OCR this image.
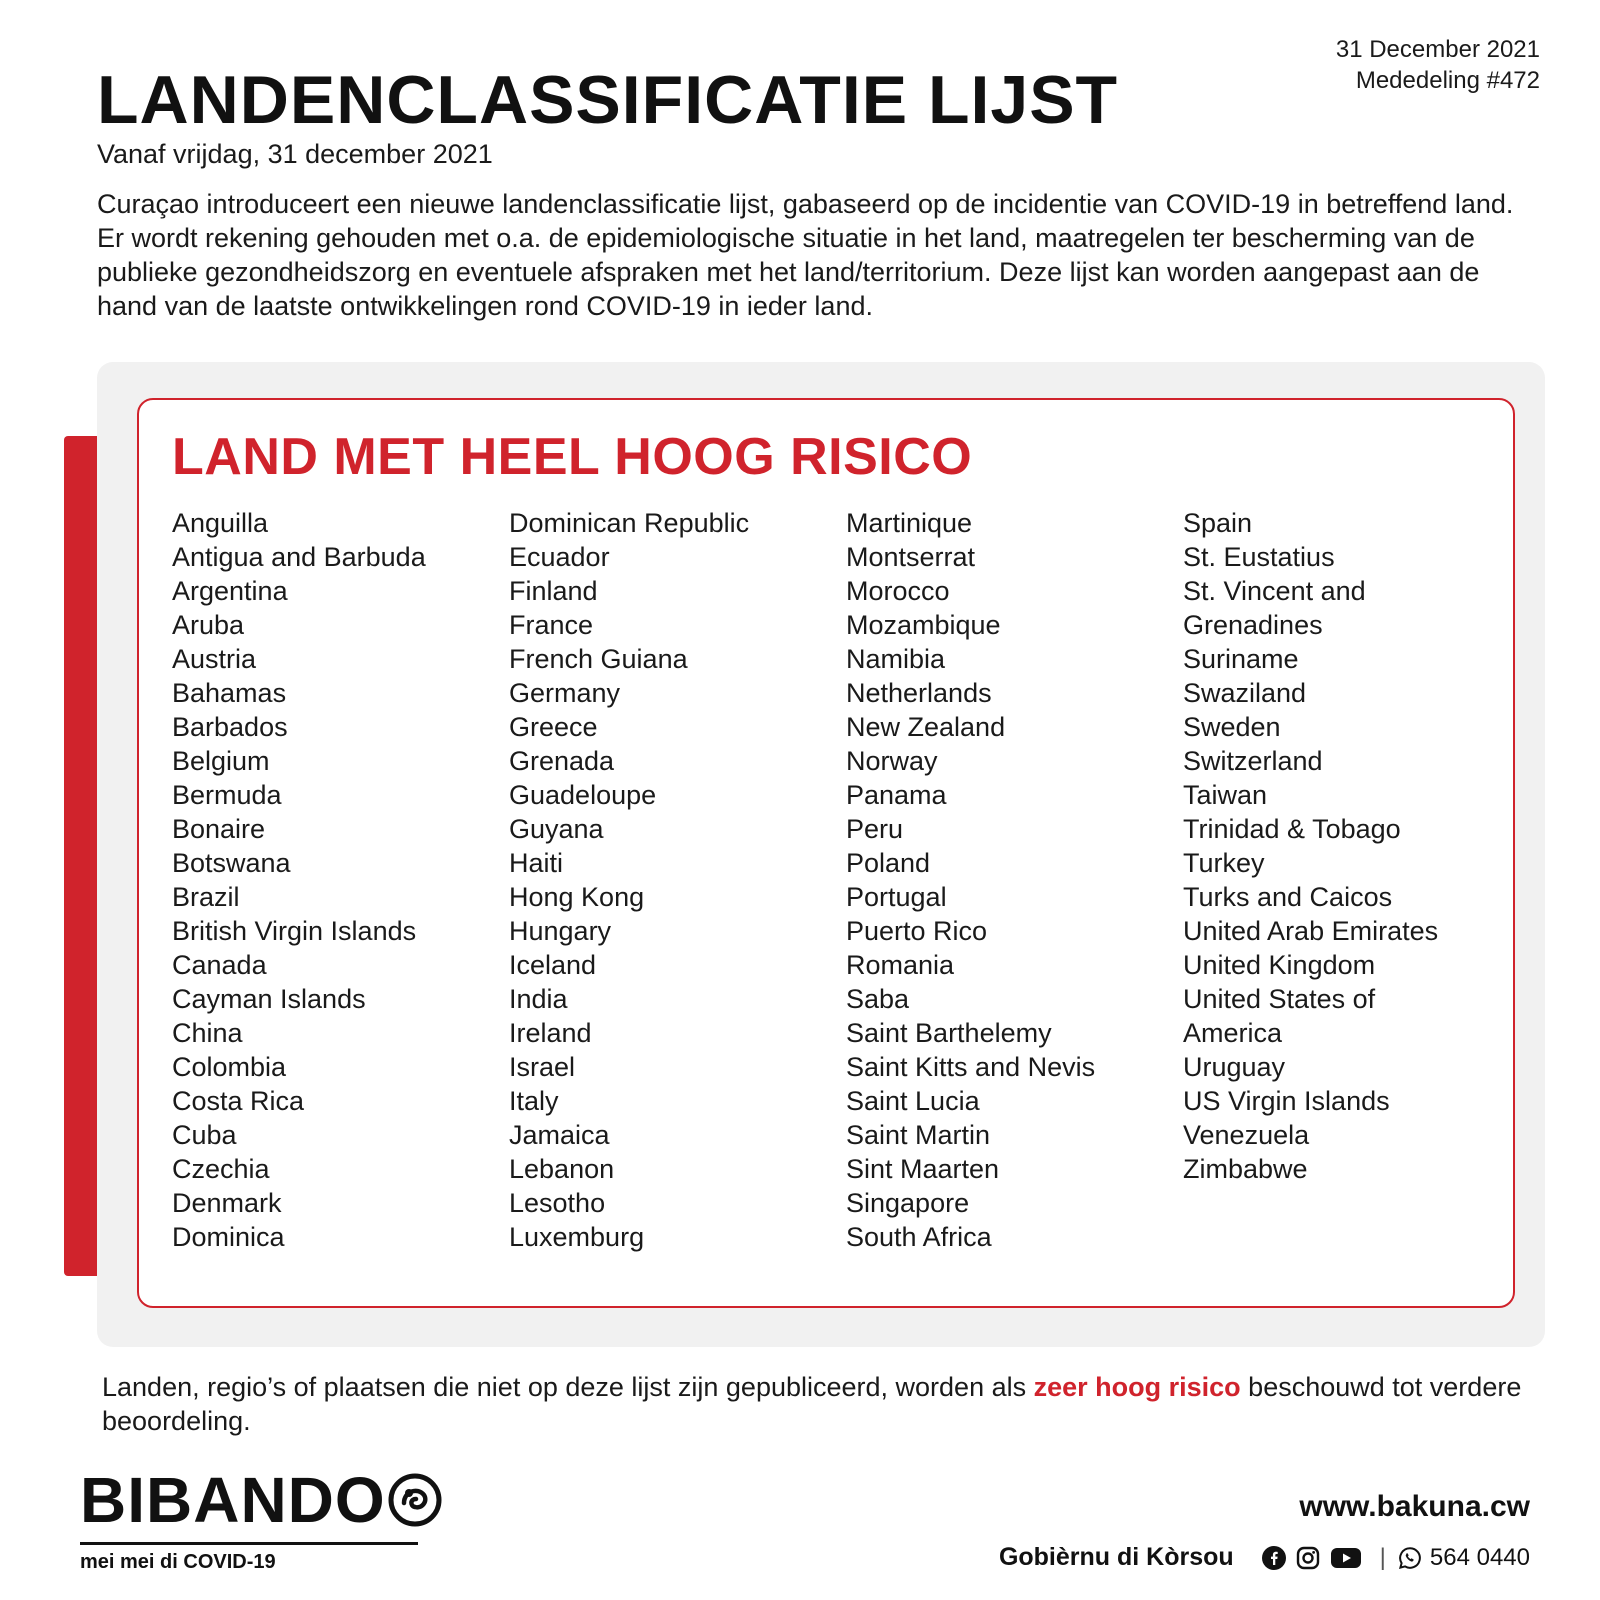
31 December 2021
Mededeling #472
LANDENCLASSIFICATIE LIJST
Vanaf vrijdag, 31 december 2021

Curaçao introduceert een nieuwe landenclassificatie lijst, gabaseerd op de incidentie van COVID-19 in betreffend land. Er wordt rekening gehouden met o.a. de epidemiologische situatie in het land, maatregelen ter bescherming van de publieke gezondheidszorg en eventuele afspraken met het land/territorium. Deze lijst kan worden aangepast aan de hand van de laatste ontwikkelingen rond COVID-19 in ieder land.

LAND MET HEEL HOOG RISICO
Anguilla
Antigua and Barbuda
Argentina
Aruba
Austria
Bahamas
Barbados
Belgium
Bermuda
Bonaire
Botswana
Brazil
British Virgin Islands
Canada
Cayman Islands
China
Colombia
Costa Rica
Cuba
Czechia
Denmark
Dominica
Dominican Republic
Ecuador
Finland
France
French Guiana
Germany
Greece
Grenada
Guadeloupe
Guyana
Haiti
Hong Kong
Hungary
Iceland
India
Ireland
Israel
Italy
Jamaica
Lebanon
Lesotho
Luxemburg
Martinique
Montserrat
Morocco
Mozambique
Namibia
Netherlands
New Zealand
Norway
Panama
Peru
Poland
Portugal
Puerto Rico
Romania
Saba
Saint Barthelemy
Saint Kitts and Nevis
Saint Lucia
Saint Martin
Sint Maarten
Singapore
South Africa
Spain
St. Eustatius
St. Vincent and
Grenadines
Suriname
Swaziland
Sweden
Switzerland
Taiwan
Trinidad & Tobago
Turkey
Turks and Caicos
United Arab Emirates
United Kingdom
United States of
America
Uruguay
US Virgin Islands
Venezuela
Zimbabwe

Landen, regio’s of plaatsen die niet op deze lijst zijn gepubliceerd, worden als zeer hoog risico beschouwd tot verdere beoordeling.

BIBANDO
mei mei di COVID-19
www.bakuna.cw
Gobièrnu di Kòrsou	| 564 0440
